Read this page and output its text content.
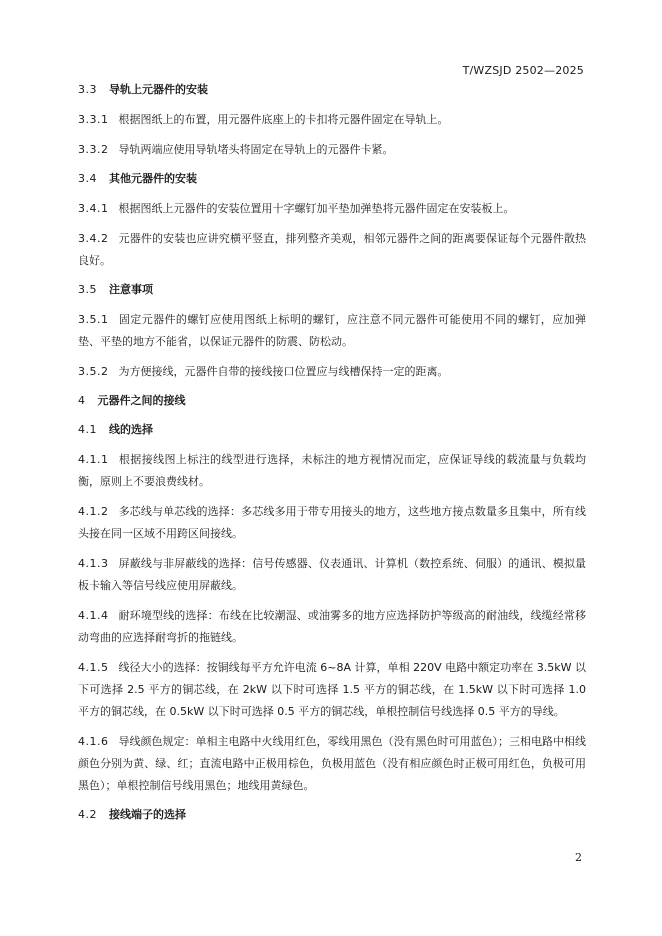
T/WZSJD 2502—2025
3.3 导轨上元器件的安装
3.3.1 根据图纸上的布置，用元器件底座上的卡扣将元器件固定在导轨上。
3.3.2 导轨两端应使用导轨堵头将固定在导轨上的元器件卡紧。
3.4 其他元器件的安装
3.4.1 根据图纸上元器件的安装位置用十字螺钉加平垫加弹垫将元器件固定在安装板上。
3.4.2 元器件的安装也应讲究横平竖直，排列整齐美观，相邻元器件之间的距离要保证每个元器件散热良好。
3.5 注意事项
3.5.1 固定元器件的螺钉应使用图纸上标明的螺钉，应注意不同元器件可能使用不同的螺钉，应加弹垫、平垫的地方不能省，以保证元器件的防震、防松动。
3.5.2 为方便接线，元器件自带的接线接口位置应与线槽保持一定的距离。
4 元器件之间的接线
4.1 线的选择
4.1.1 根据接线图上标注的线型进行选择，未标注的地方视情况而定，应保证导线的载流量与负载均衡，原则上不要浪费线材。
4.1.2 多芯线与单芯线的选择：多芯线多用于带专用接头的地方，这些地方接点数量多且集中，所有线头接在同一区域不用跨区间接线。
4.1.3 屏蔽线与非屏蔽线的选择：信号传感器、仪表通讯、计算机（数控系统、伺服）的通讯、模拟量板卡输入等信号线应使用屏蔽线。
4.1.4 耐环境型线的选择：布线在比较潮湿、或油雾多的地方应选择防护等级高的耐油线，线缆经常移动弯曲的应选择耐弯折的拖链线。
4.1.5 线径大小的选择：按铜线每平方允许电流 6~8A 计算，单相 220V 电路中额定功率在 3.5kW 以下可选择 2.5 平方的铜芯线，在 2kW 以下时可选择 1.5 平方的铜芯线，在 1.5kW 以下时可选择 1.0 平方的铜芯线，在 0.5kW 以下时可选择 0.5 平方的铜芯线，单根控制信号线选择 0.5 平方的导线。
4.1.6 导线颜色规定：单相主电路中火线用红色，零线用黑色（没有黑色时可用蓝色）；三相电路中相线颜色分别为黄、绿、红；直流电路中正极用棕色，负极用蓝色（没有相应颜色时正极可用红色，负极可用黑色）；单根控制信号线用黑色；地线用黄绿色。
4.2 接线端子的选择
2
